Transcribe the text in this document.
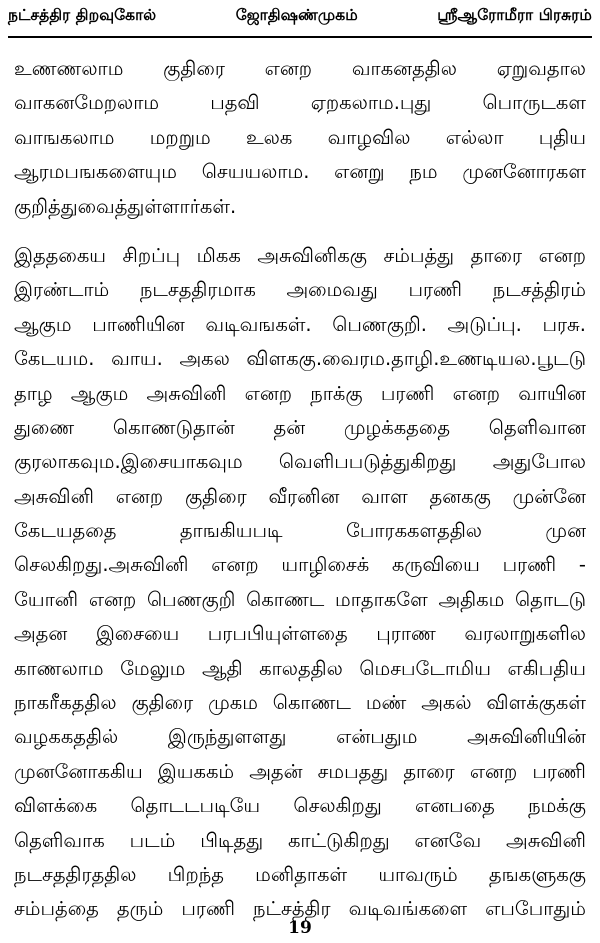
நட்சத்திர திறவுகோல்	ஜோதிஷண்முகம்	ஸ்ரீஆரோமீரா பிரசுரம்
உணணலாம குதிரை எனற வாகனததில ஏறுவதால
வாகனமேறலாம	பதவி	ஏறகலாம.புது	பொருடகள
வாஙகலாம மறறும உலக வாழவில எல்லா புதிய
ஆரமபஙகளையும செயயலாம. எனறு நம முனனோரகள
குறித்துவைத்துள்ளார்கள்.
இததகைய சிறப்பு மிகக அசுவினிககு சம்பத்து தாரை எனற
இரண்டாம் நடசததிரமாக அமைவது பரணி நடசத்திரம்
ஆகும பாணியின வடிவஙகள். பெணகுறி. அடுப்பு. பரசு.
கேடயம. வாய. அகல விளககு.வைரம.தாழி.உணடியல.பூடடு
தாழ ஆகும அசுவினி எனற நாக்கு பரணி எனற வாயின
துணை கொணடுதான் தன் முழக்கததை தெளிவான
குரலாகவும.இசையாகவும வெளிபபடுத்துகிறது அதுபோல
அசுவினி எனற குதிரை வீரனின வாள தனககு முன்னே
கேடயததை	தாஙகியபடி	போரககளததில	முன
செலகிறது.அசுவினி எனற யாழிசைக் கருவியை பரணி -
யோனி எனற பெணகுறி கொணட மாதாகளே அதிகம தொடடு
அதன இசையை பரபபியுள்ளதை புராண வரலாறுகளில
காணலாம மேலும ஆதி காலததில மெசபடோமிய எகிபதிய
நாகரீகததில குதிரை முகம கொணட மண் அகல் விளக்குகள்
வழககததில்	இருந்துளளது	என்பதும	அசுவினியின்
முனனோககிய இயககம் அதன் சமபதது தாரை எனற பரணி
விளக்கை தொடடபடியே செலகிறது எனபதை நமக்கு
தெளிவாக படம் பிடிதது காட்டுகிறது எனவே அசுவினி
நடசததிரததில பிறந்த மனிதாகள் யாவரும் தஙகளுககு
சம்பத்தை தரும் பரணி நட்சத்திர வடிவங்களை எபபோதும்
19
